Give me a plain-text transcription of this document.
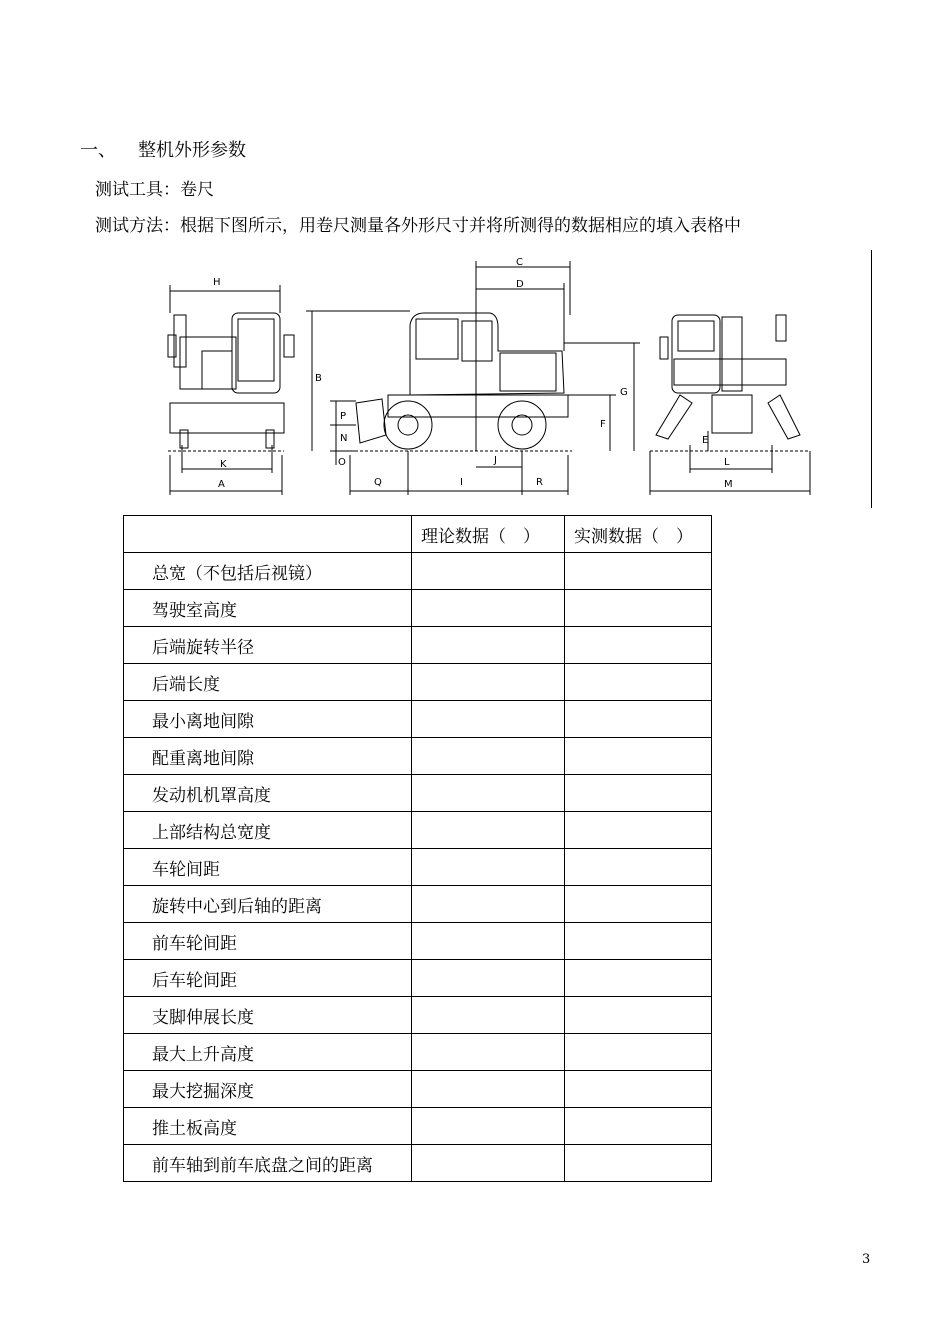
一、 整机外形参数
测试工具：卷尺
测试方法：根据下图所示，用卷尺测量各外形尺寸并将所测得的数据相应的填入表格中
H
K
A
B
C
D
G
F
P
N
O	J
Q	I	R
E
L
M
	理论数据（　）	实测数据（　）
总宽（不包括后视镜）		
驾驶室高度		
后端旋转半径		
后端长度		
最小离地间隙		
配重离地间隙		
发动机机罩高度		
上部结构总宽度		
车轮间距		
旋转中心到后轴的距离		
前车轮间距		
后车轮间距		
支脚伸展长度		
最大上升高度		
最大挖掘深度		
推土板高度		
前车轴到前车底盘之间的距离		
3
